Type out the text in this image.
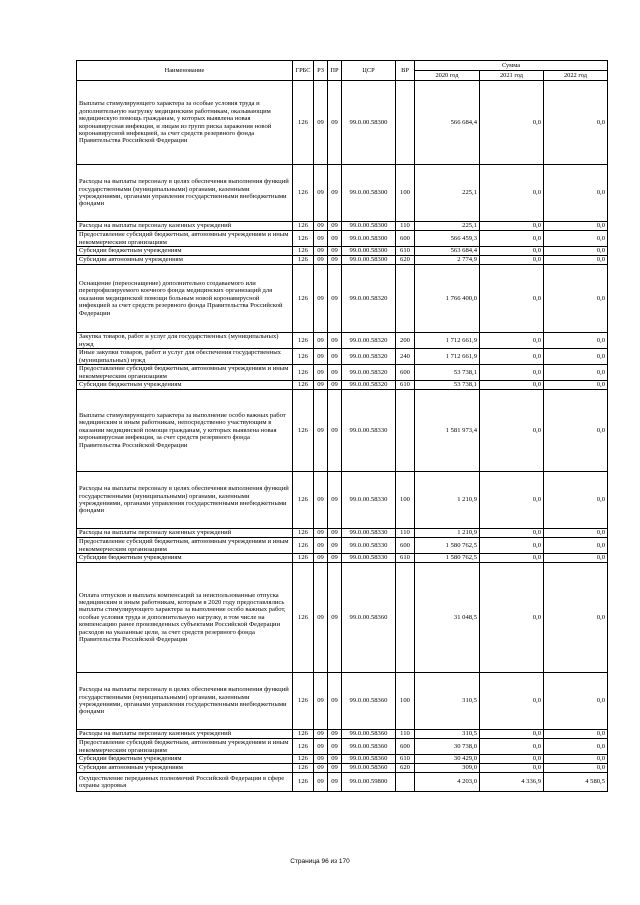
Наименование	ГРБС	РЗ	ПР	ЦСР	ВР	Сумма		
						2020 год	2021 год	2022 год
Выплаты стимулирующего характера за особые условия труда и дополнительную нагрузку медицинским работникам, оказывающим медицинскую помощь гражданам, у которых выявлена новая коронавирусная инфекция, и лицам из групп риска заражения новой коронавирусной инфекцией, за счет средств резервного фонда Правительства Российской Федерации	126	09	09	99.0.00.58300		566 684,4	0,0	0,0
Расходы на выплаты персоналу в целях обеспечения выполнения функций государственными (муниципальными) органами, казенными учреждениями, органами управления государственными внебюджетными фондами	126	09	09	99.0.00.58300	100	225,1	0,0	0,0
Расходы на выплаты персоналу казенных учреждений	126	09	09	99.0.00.58300	110	225,1	0,0	0,0
Предоставление субсидий бюджетным, автономным учреждениям и иным некоммерческим организациям	126	09	09	99.0.00.58300	600	566 459,3	0,0	0,0
Субсидии бюджетным учреждениям	126	09	09	99.0.00.58300	610	563 684,4	0,0	0,0
Субсидии автономным учреждениям	126	09	09	99.0.00.58300	620	2 774,9	0,0	0,0
Оснащение (переоснащение) дополнительно создаваемого или перепрофилируемого коечного фонда медицинских организаций для оказания медицинской помощи больным новой коронавирусной инфекцией за счет средств резервного фонда Правительства Российской Федерации	126	09	09	99.0.00.58320		1 766 400,0	0,0	0,0
Закупка товаров, работ и услуг для государственных (муниципальных) нужд	126	09	09	99.0.00.58320	200	1 712 661,9	0,0	0,0
Иные закупки товаров, работ и услуг для обеспечения государственных (муниципальных) нужд	126	09	09	99.0.00.58320	240	1 712 661,9	0,0	0,0
Предоставление субсидий бюджетным, автономным учреждениям и иным некоммерческим организациям	126	09	09	99.0.00.58320	600	53 738,1	0,0	0,0
Субсидии бюджетным учреждениям	126	09	09	99.0.00.58320	610	53 738,1	0,0	0,0
Выплаты стимулирующего характера за выполнение особо важных работ медицинским и иным работникам, непосредственно участвующим в оказании медицинской помощи гражданам, у которых выявлена новая коронавирусная инфекция, за счет средств резервного фонда Правительства Российской Федерации	126	09	09	99.0.00.58330		1 581 973,4	0,0	0,0
Расходы на выплаты персоналу в целях обеспечения выполнения функций государственными (муниципальными) органами, казенными учреждениями, органами управления государственными внебюджетными фондами	126	09	09	99.0.00.58330	100	1 210,9	0,0	0,0
Расходы на выплаты персоналу казенных учреждений	126	09	09	99.0.00.58330	110	1 210,9	0,0	0,0
Предоставление субсидий бюджетным, автономным учреждениям и иным некоммерческим организациям	126	09	09	99.0.00.58330	600	1 580 762,5	0,0	0,0
Субсидии бюджетным учреждениям	126	09	09	99.0.00.58330	610	1 580 762,5	0,0	0,0
Оплата отпусков и выплата компенсаций за неиспользованные отпуска медицинским и иным работникам, которым в 2020 году предоставлялись выплаты стимулирующего характера за выполнение особо важных работ, особые условия труда и дополнительную нагрузку, в том числе на компенсацию ранее произведенных субъектами Российской Федерации расходов на указанные цели, за счет средств резервного фонда Правительства Российской Федерации	126	09	09	99.0.00.58360		31 048,5	0,0	0,0
Расходы на выплаты персоналу в целях обеспечения выполнения функций государственными (муниципальными) органами, казенными учреждениями, органами управления государственными внебюджетными фондами	126	09	09	99.0.00.58360	100	310,5	0,0	0,0
Расходы на выплаты персоналу казенных учреждений	126	09	09	99.0.00.58360	110	310,5	0,0	0,0
Предоставление субсидий бюджетным, автономным учреждениям и иным некоммерческим организациям	126	09	09	99.0.00.58360	600	30 738,0	0,0	0,0
Субсидии бюджетным учреждениям	126	09	09	99.0.00.58360	610	30 429,0	0,0	0,0
Субсидии автономным учреждениям	126	09	09	99.0.00.58360	620	309,0	0,0	0,0
Осуществление переданных полномочий Российской Федерации в сфере охраны здоровья	126	09	09	99.0.00.59800		4 203,0	4 336,9	4 580,5
Страница 96 из 170
